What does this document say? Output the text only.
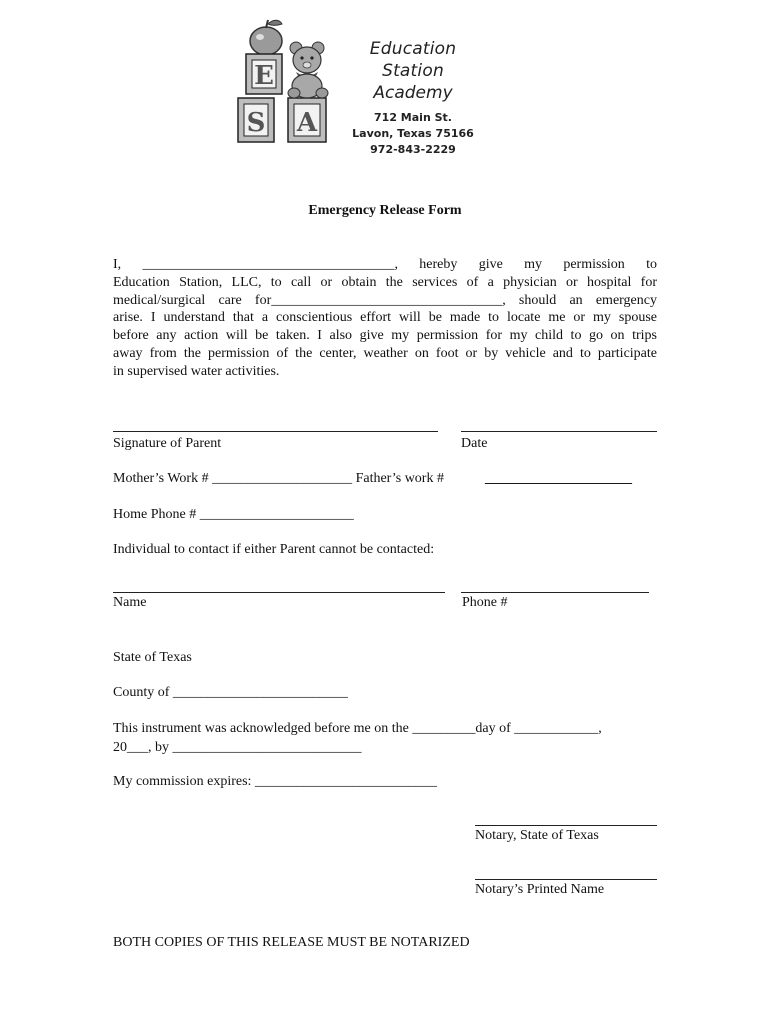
E
S A
Education Station
Academy
712 Main St.
Lavon, Texas 75166
972-843-2229
Emergency Release Form
I, ____________________________________, hereby give my permission to
Education Station, LLC, to call or obtain the services of a physician or hospital for
medical/surgical care for_________________________________, should an emergency
arise. I understand that a conscientious effort will be made to locate me or my spouse
before any action will be taken. I also give my permission for my child to go on trips
away from the permission of the center, weather on foot or by vehicle and to participate
in supervised water activities.
Signature of Parent	Date
Mother’s Work # ____________________ Father’s work #	_____________________
Home Phone # ______________________
Individual to contact if either Parent cannot be contacted:
Name	Phone #
State of Texas
County of _________________________
This instrument was acknowledged before me on the _________day of ____________,
20___, by ___________________________
My commission expires: __________________________
Notary, State of Texas
Notary’s Printed Name
BOTH COPIES OF THIS RELEASE MUST BE NOTARIZED
